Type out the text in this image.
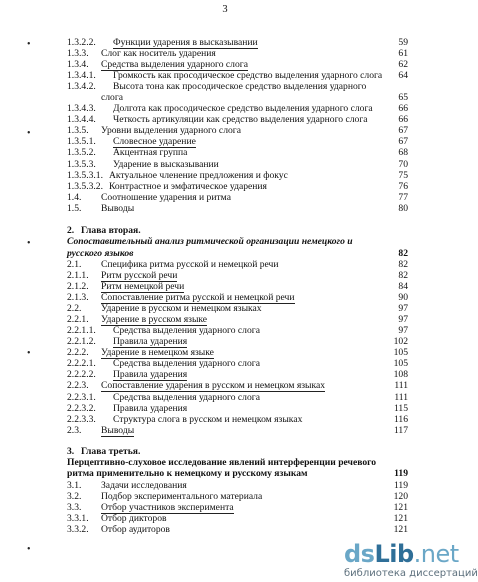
3
•
•
•
•
•
1.3.2.2. Функции ударения в высказывании	59
1.3.3. Слог как носитель ударения	61
1.3.4. Средства выделения ударного слога	62
1.3.4.1. Громкость как просодическое средство выделения ударного слога 64
1.3.4.2. Высота тона как просодическое средство выделения ударного
слога	65
1.3.4.3. Долгота как просодическое средство выделения ударного слога	66
1.3.4.4. Четкость артикуляции как средство выделения ударного слога	66
1.3.5. Уровни выделения ударного слога	67
1.3.5.1. Словесное ударение	67
1.3.5.2. Акцентная группа	68
1.3.5.3. Ударение в высказывании	70
1.3.5.3.1. Актуальное членение предложения и фокус	75
1.3.5.3.2. Контрастное и эмфатическое ударения	76
1.4. Соотношение ударения и ритма	77
1.5. Выводы	80
2. Глава вторая.
Сопоставительный анализ ритмической организации немецкого и
русского языков	82
2.1. Специфика ритма русской и немецкой речи	82
2.1.1. Ритм русской речи	82
2.1.2. Ритм немецкой речи	84
2.1.3. Сопоставление ритма русской и немецкой речи	90
2.2. Ударение в русском и немецком языках	97
2.2.1. Ударение в русском языке	97
2.2.1.1. Средства выделения ударного слога	97
2.2.1.2. Правила ударения	102
2.2.2. Ударение в немецком языке	105
2.2.2.1. Средства выделения ударного слога	105
2.2.2.2. Правила ударения	108
2.2.3. Сопоставление ударения в русском и немецком языках	111
2.2.3.1. Средства выделения ударного слога	111
2.2.3.2. Правила ударения	115
2.2.3.3. Структура слога в русском и немецком языках	116
2.3. Выводы	117
3. Глава третья.
Перцептивно-слуховое исследование явлений интерференции речевого
ритма применительно к немецкому и русскому языкам	119
3.1. Задачи исследования	119
3.2. Подбор экспериментального материала	120
3.3. Отбор участников эксперимента	121
3.3.1. Отбор дикторов	121
3.3.2. Отбор аудиторов	121
dsLib.net
библиотека диссертаций
